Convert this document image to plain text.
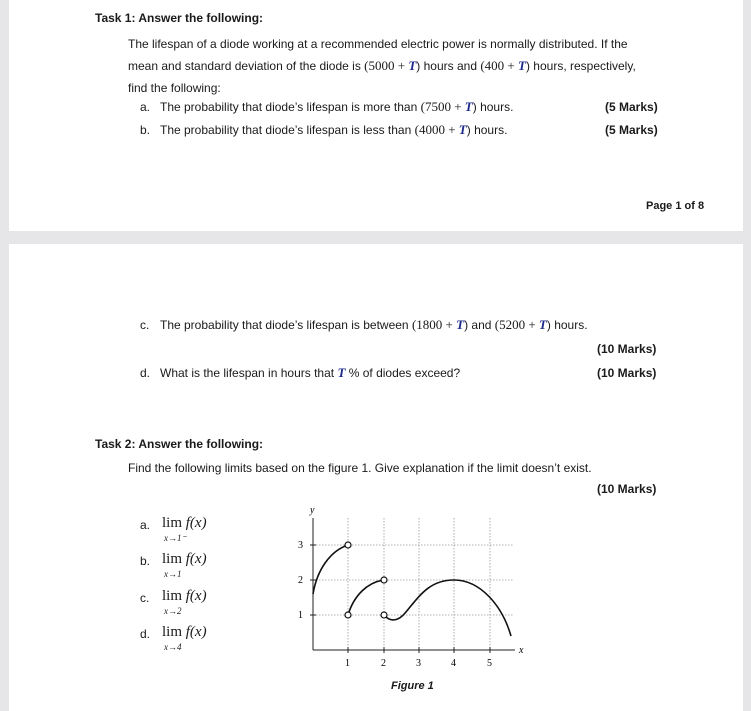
Task 1: Answer the following:
The lifespan of a diode working at a recommended electric power is normally distributed. If the
mean and standard deviation of the diode is (5000 + T) hours and (400 + T) hours, respectively,
find the following:
a. The probability that diode’s lifespan is more than (7500 + T) hours.	(5 Marks)
b. The probability that diode’s lifespan is less than (4000 + T) hours.	(5 Marks)
Page 1 of 8
c. The probability that diode’s lifespan is between (1800 + T) and (5200 + T) hours.
(10 Marks)
d. What is the lifespan in hours that T % of diodes exceed?	(10 Marks)
Task 2: Answer the following:
Find the following limits based on the figure 1. Give explanation if the limit doesn’t exist.
(10 Marks)
a. lim f(x)
x→1⁻
b. lim f(x)
x→1
c. lim f(x)
x→2
d. lim f(x)
x→4	x
y
1	2	3	4	5
1
2
3
Figure 1
